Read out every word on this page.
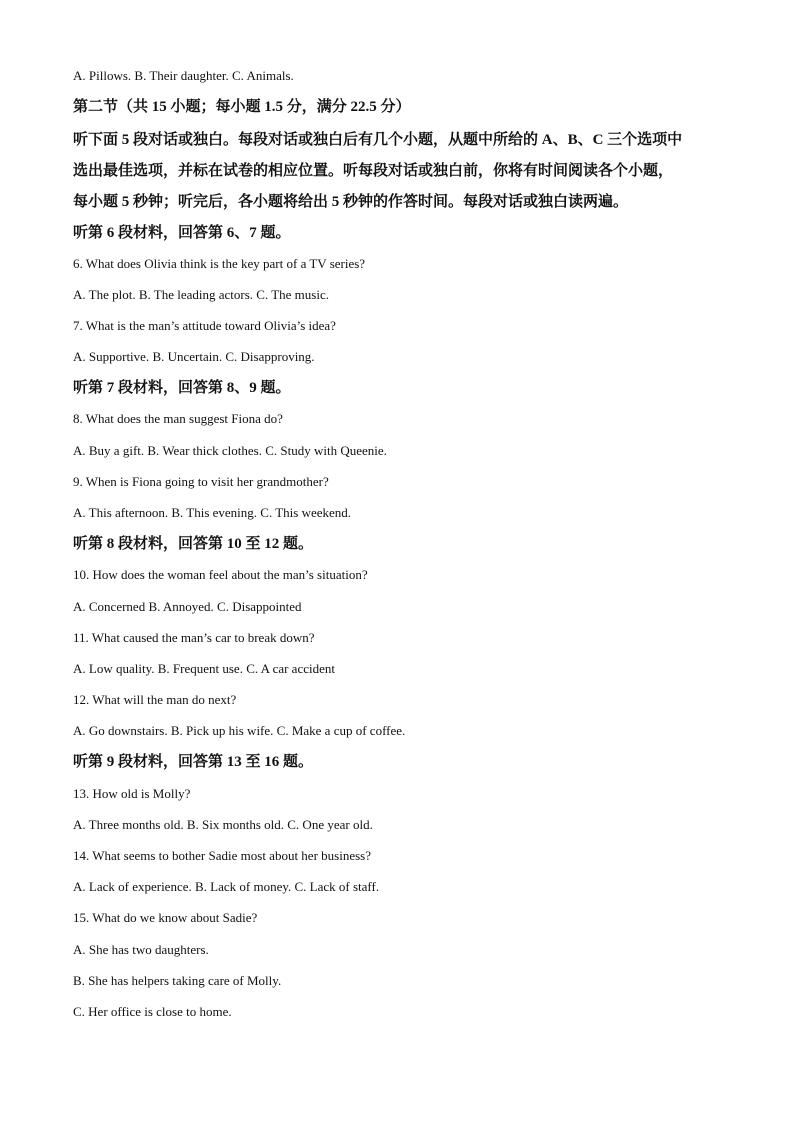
A. Pillows. B. Their daughter. C. Animals.
第二节（共 15 小题；每小题 1.5 分，满分 22.5 分）
听下面 5 段对话或独白。每段对话或独白后有几个小题，从题中所给的 A、B、C 三个选项中
选出最佳选项，并标在试卷的相应位置。听每段对话或独白前，你将有时间阅读各个小题，
每小题 5 秒钟；听完后，各小题将给出 5 秒钟的作答时间。每段对话或独白读两遍。
听第 6 段材料，回答第 6、7 题。
6. What does Olivia think is the key part of a TV series?
A. The plot. B. The leading actors. C. The music.
7. What is the man’s attitude toward Olivia’s idea?
A. Supportive. B. Uncertain. C. Disapproving.
听第 7 段材料，回答第 8、9 题。
8. What does the man suggest Fiona do?
A. Buy a gift. B. Wear thick clothes. C. Study with Queenie.
9. When is Fiona going to visit her grandmother?
A. This afternoon. B. This evening. C. This weekend.
听第 8 段材料，回答第 10 至 12 题。
10. How does the woman feel about the man’s situation?
A. Concerned B. Annoyed. C. Disappointed
11. What caused the man’s car to break down?
A. Low quality. B. Frequent use. C. A car accident
12. What will the man do next?
A. Go downstairs. B. Pick up his wife. C. Make a cup of coffee.
听第 9 段材料，回答第 13 至 16 题。
13. How old is Molly?
A. Three months old. B. Six months old. C. One year old.
14. What seems to bother Sadie most about her business?
A. Lack of experience. B. Lack of money. C. Lack of staff.
15. What do we know about Sadie?
A. She has two daughters.
B. She has helpers taking care of Molly.
C. Her office is close to home.
